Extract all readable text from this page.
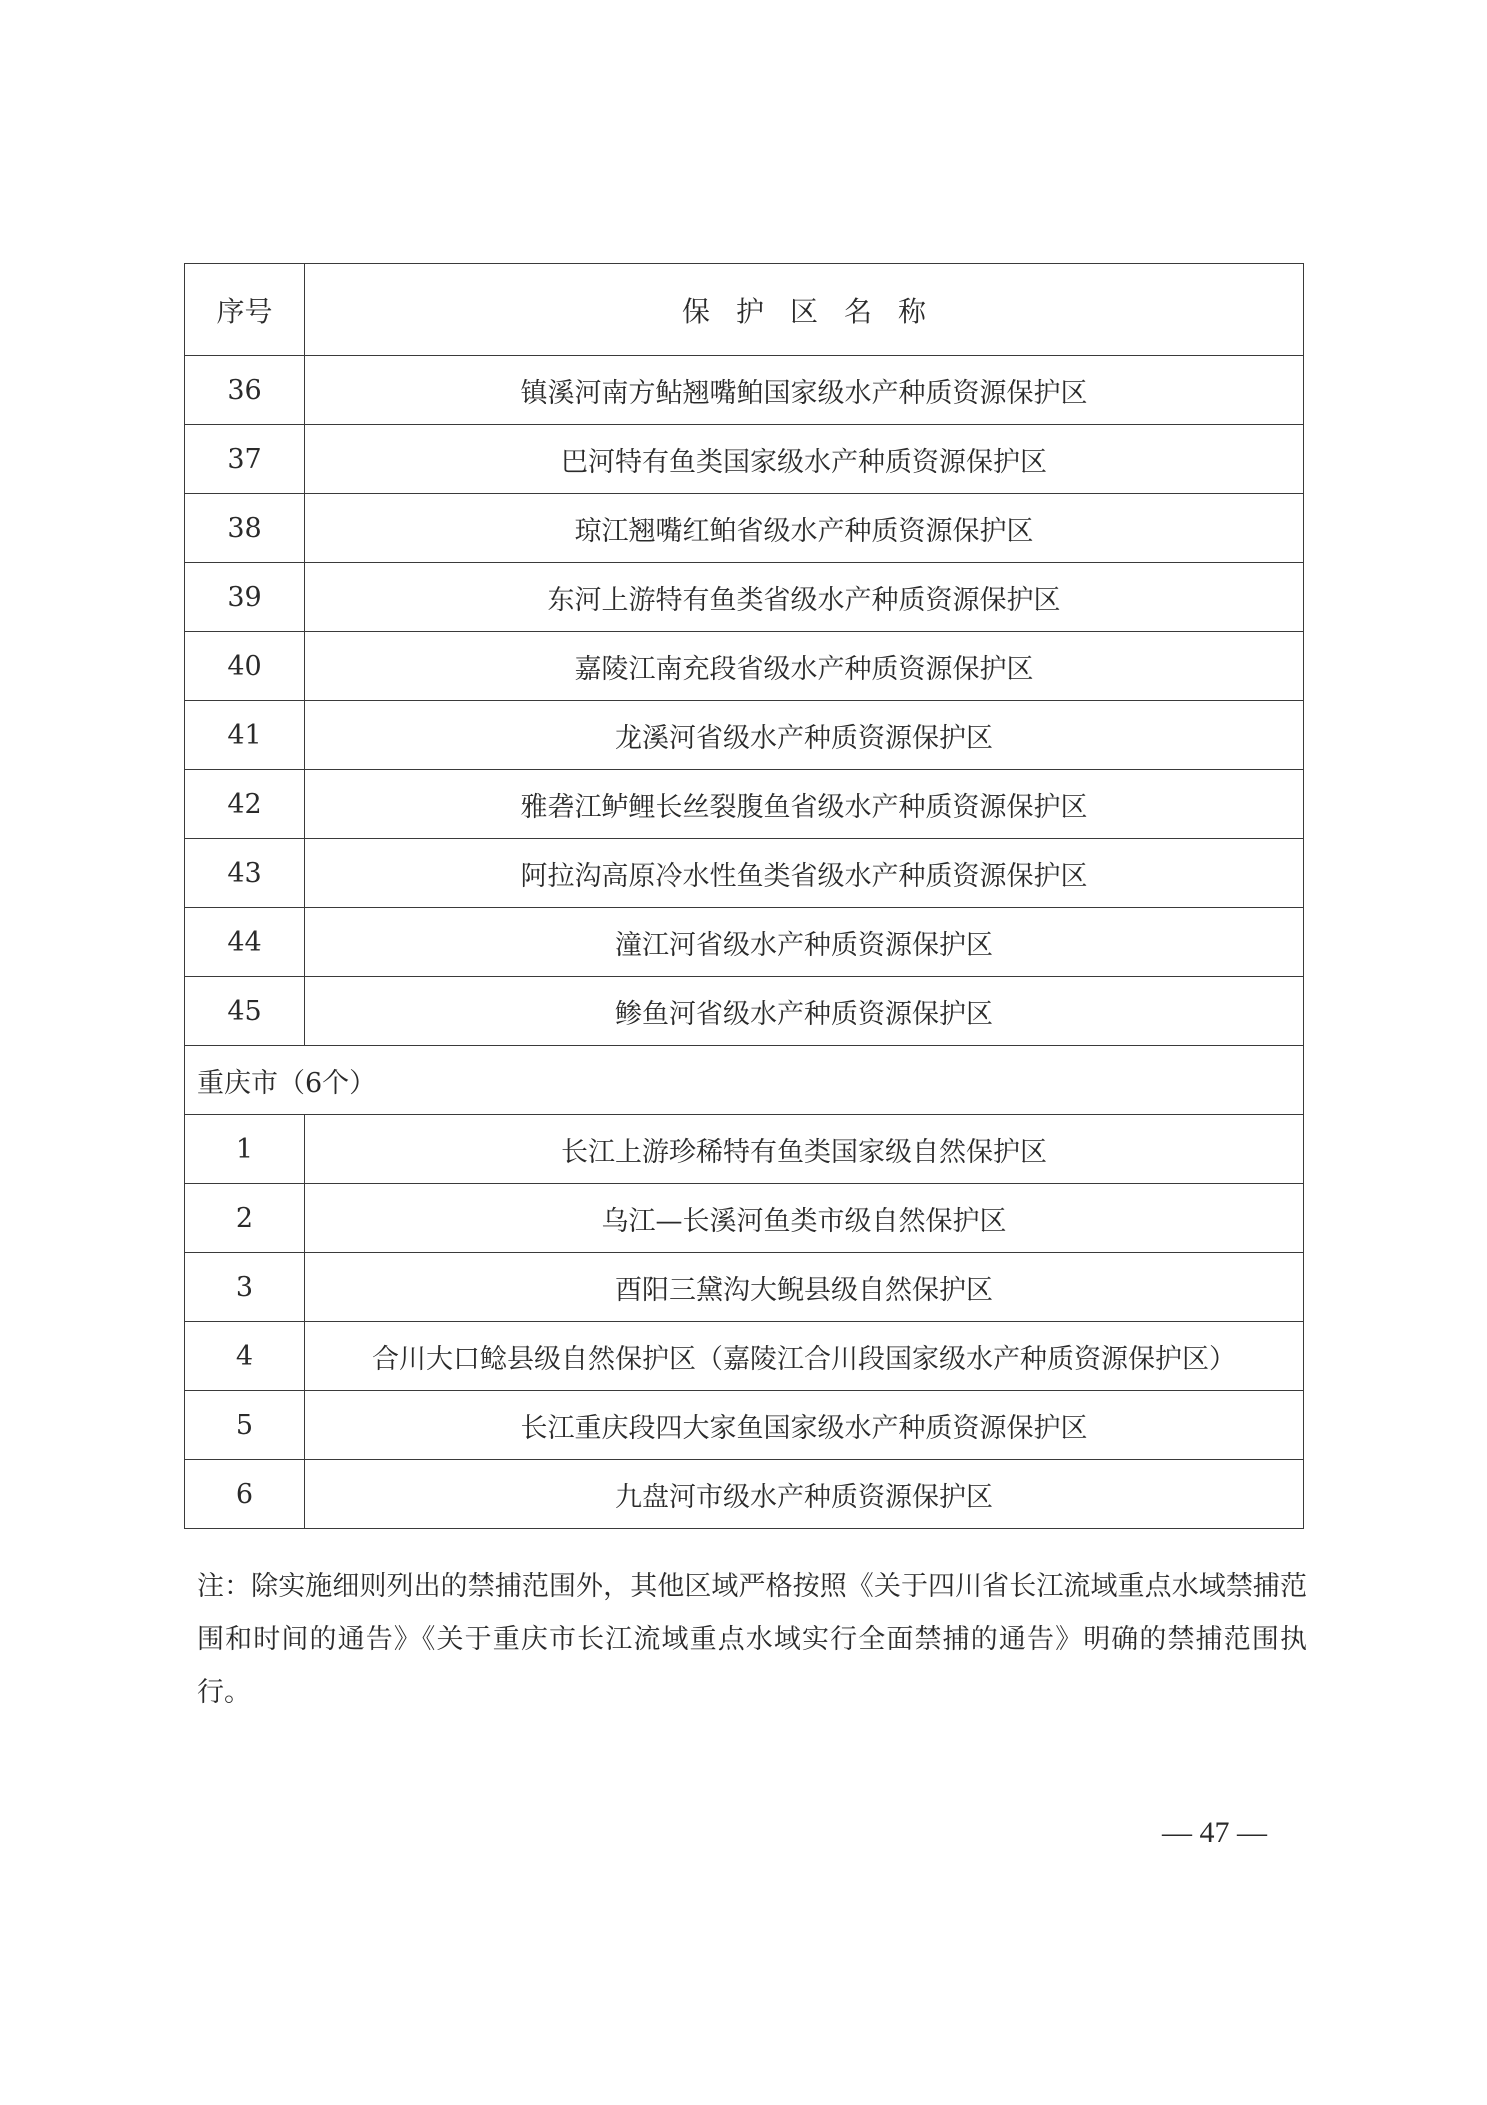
序号	保护区名称
36	镇溪河南方鲇翘嘴鲌国家级水产种质资源保护区
37	巴河特有鱼类国家级水产种质资源保护区
38	琼江翘嘴红鲌省级水产种质资源保护区
39	东河上游特有鱼类省级水产种质资源保护区
40	嘉陵江南充段省级水产种质资源保护区
41	龙溪河省级水产种质资源保护区
42	雅砻江鲈鲤长丝裂腹鱼省级水产种质资源保护区
43	阿拉沟高原冷水性鱼类省级水产种质资源保护区
44	潼江河省级水产种质资源保护区
45	鲹鱼河省级水产种质资源保护区
重庆市（6个）	
1	长江上游珍稀特有鱼类国家级自然保护区
2	乌江—长溪河鱼类市级自然保护区
3	酉阳三黛沟大鲵县级自然保护区
4	合川大口鲶县级自然保护区（嘉陵江合川段国家级水产种质资源保护区）
5	长江重庆段四大家鱼国家级水产种质资源保护区
6	九盘河市级水产种质资源保护区
注：除实施细则列出的禁捕范围外，其他区域严格按照《关于四川省长江流域重点水域禁捕范围和时间的通告》《关于重庆市长江流域重点水域实行全面禁捕的通告》明确的禁捕范围执行。
— 47 —
